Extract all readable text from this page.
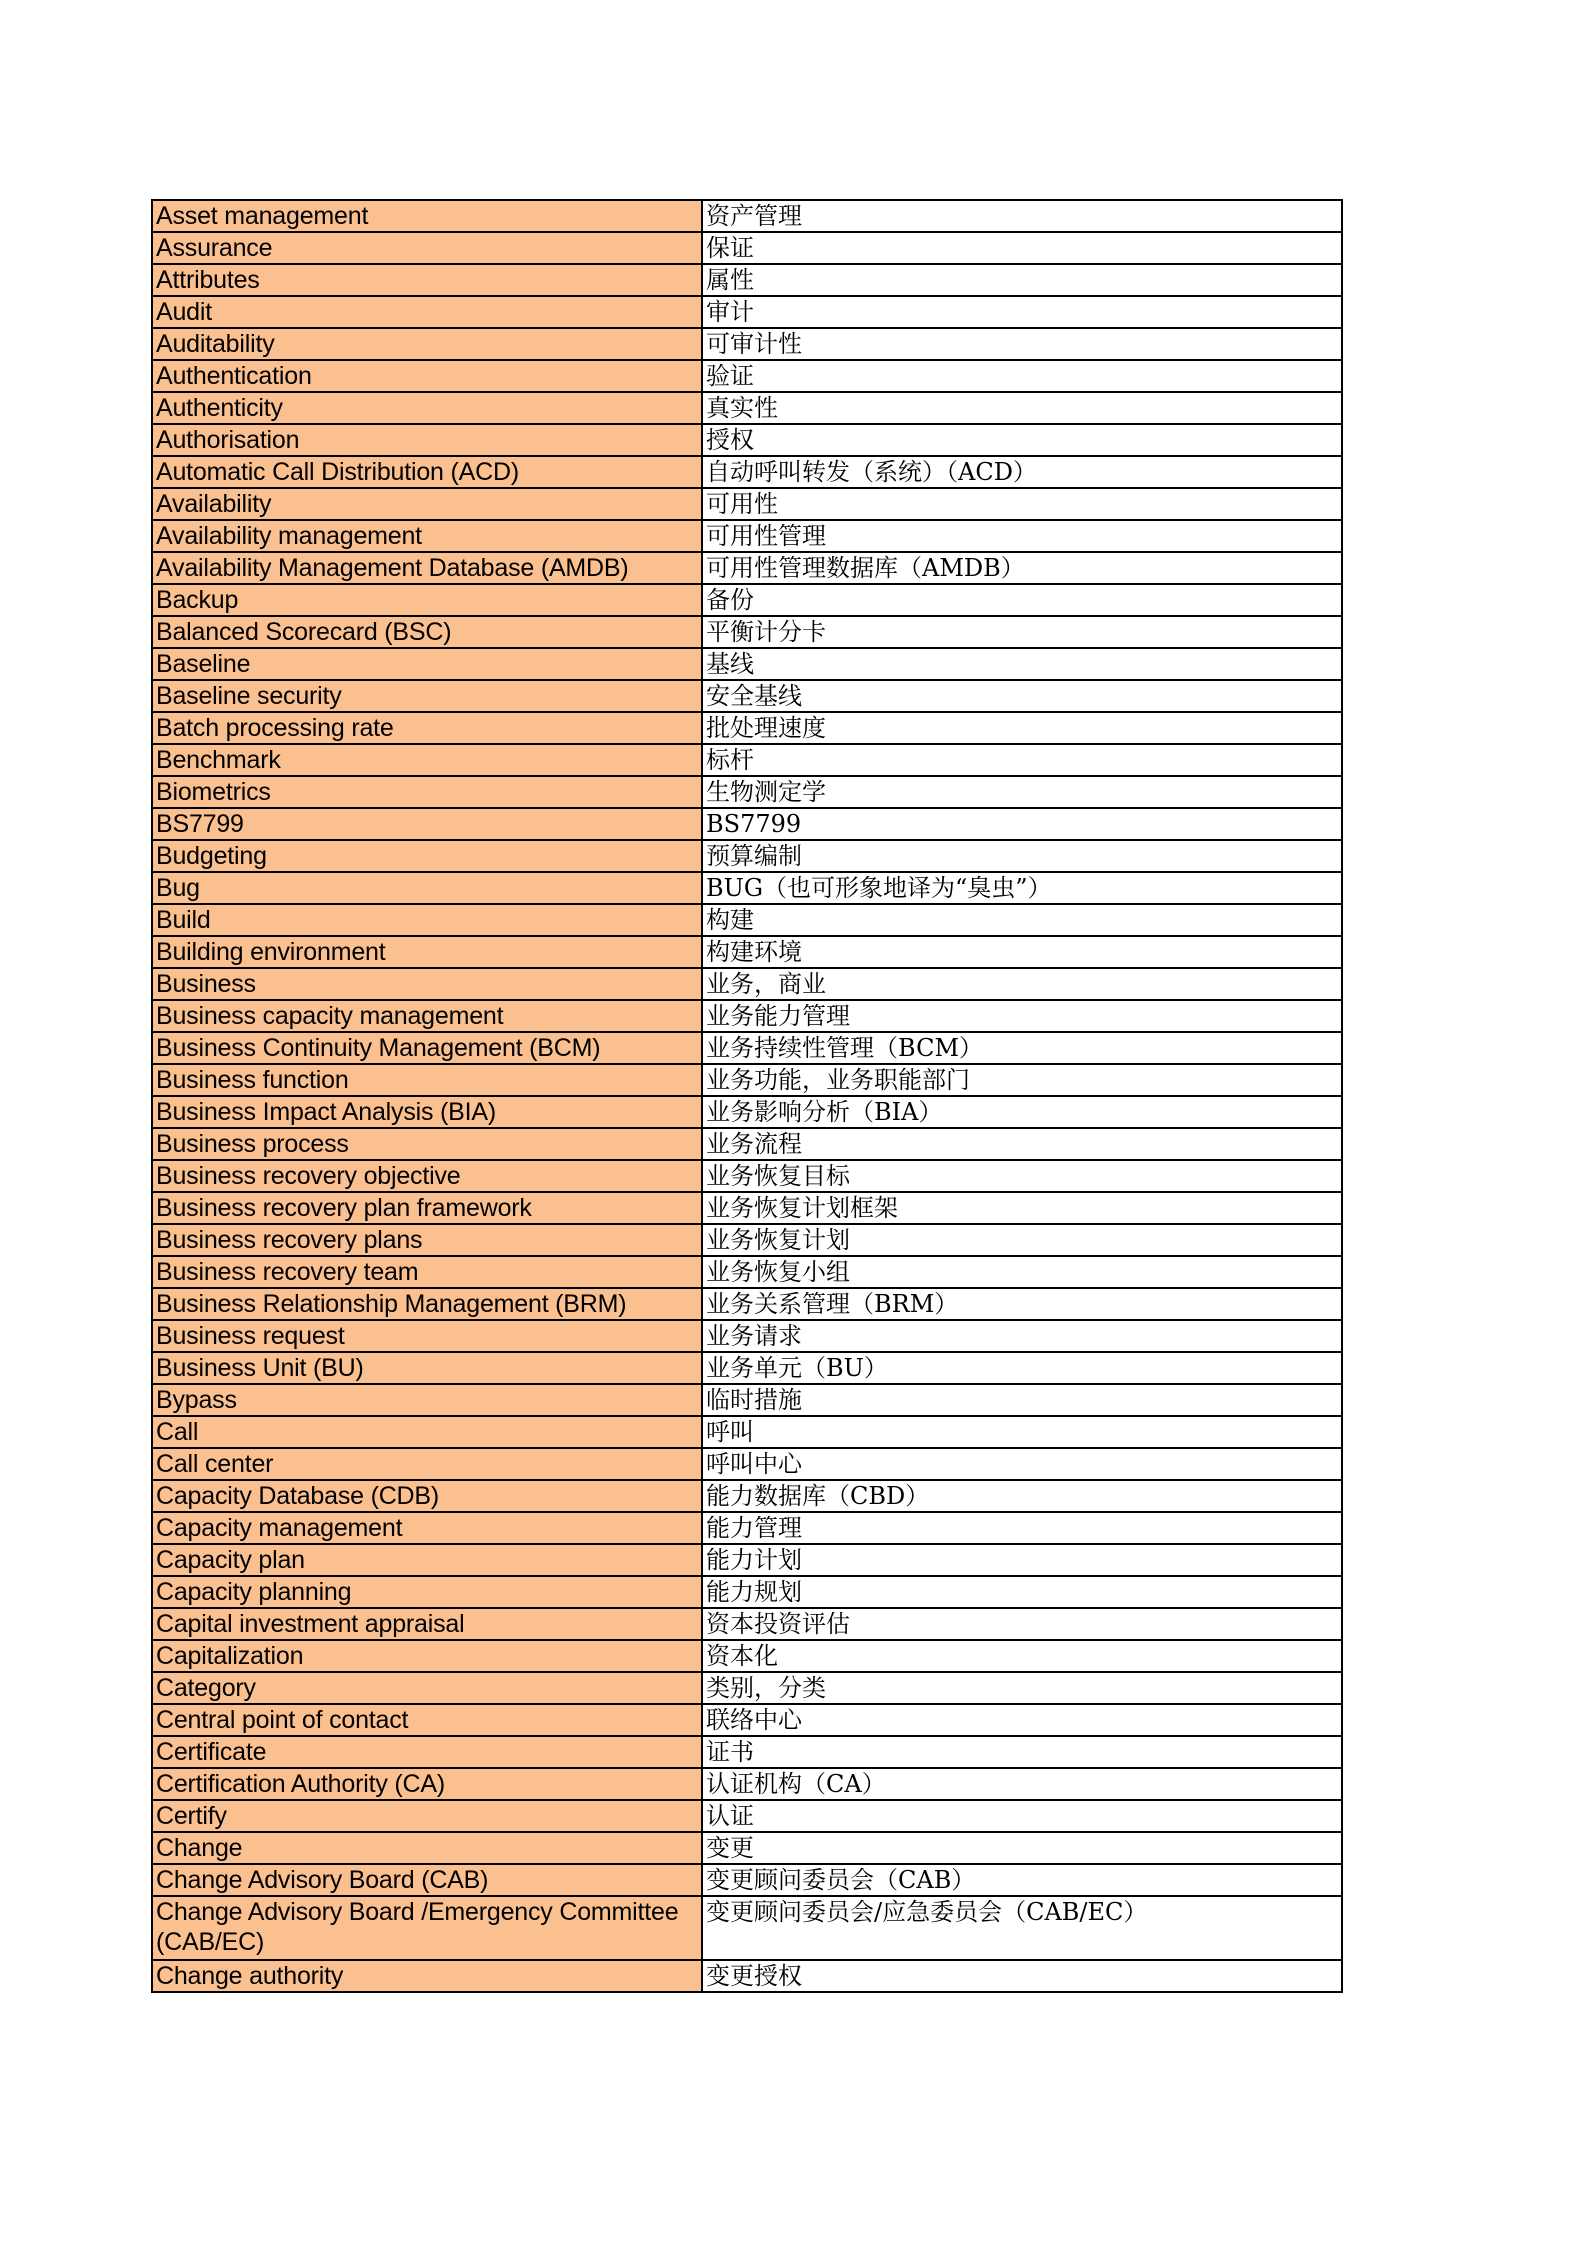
Asset management	资产管理
Assurance	保证
Attributes	属性
Audit	审计
Auditability	可审计性
Authentication	验证
Authenticity	真实性
Authorisation	授权
Automatic Call Distribution (ACD)	自动呼叫转发（系统）（ACD）
Availability	可用性
Availability management	可用性管理
Availability Management Database (AMDB)	可用性管理数据库（AMDB）
Backup	备份
Balanced Scorecard (BSC)	平衡计分卡
Baseline	基线
Baseline security	安全基线
Batch processing rate	批处理速度
Benchmark	标杆
Biometrics	生物测定学
BS7799	BS7799
Budgeting	预算编制
Bug	BUG（也可形象地译为“臭虫”）
Build	构建
Building environment	构建环境
Business	业务，商业
Business capacity management	业务能力管理
Business Continuity Management (BCM)	业务持续性管理（BCM）
Business function	业务功能，业务职能部门
Business Impact Analysis (BIA)	业务影响分析（BIA）
Business process	业务流程
Business recovery objective	业务恢复目标
Business recovery plan framework	业务恢复计划框架
Business recovery plans	业务恢复计划
Business recovery team	业务恢复小组
Business Relationship Management (BRM)	业务关系管理（BRM）
Business request	业务请求
Business Unit (BU)	业务单元（BU）
Bypass	临时措施
Call	呼叫
Call center	呼叫中心
Capacity Database (CDB)	能力数据库（CBD）
Capacity management	能力管理
Capacity plan	能力计划
Capacity planning	能力规划
Capital investment appraisal	资本投资评估
Capitalization	资本化
Category	类别，分类
Central point of contact	联络中心
Certificate	证书
Certification Authority (CA)	认证机构（CA）
Certify	认证
Change	变更
Change Advisory Board (CAB)	变更顾问委员会（CAB）
Change Advisory Board /Emergency Committee (CAB/EC)	变更顾问委员会/应急委员会（CAB/EC）
Change authority	变更授权
